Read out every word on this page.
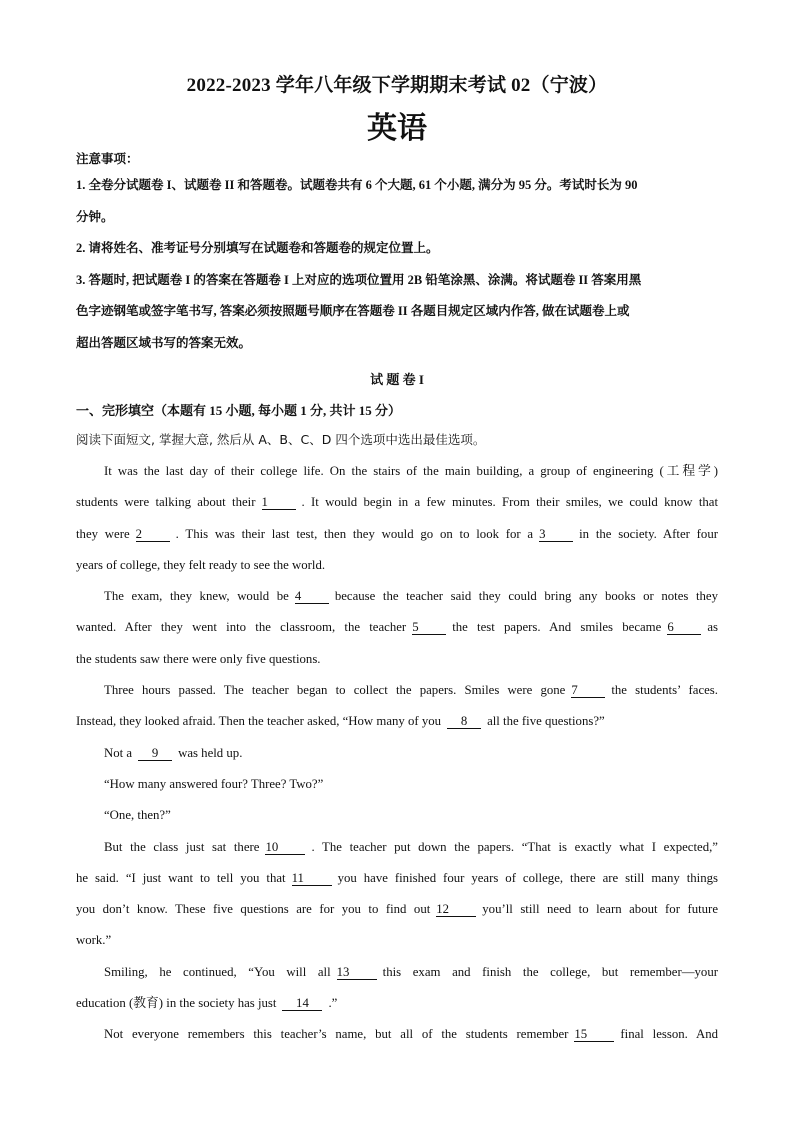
2022-2023 学年八年级下学期期末考试 02（宁波）
英语
注意事项：
1. 全卷分试题卷 I、试题卷 II 和答题卷。试题卷共有 6 个大题, 61 个小题, 满分为 95 分。考试时长为 90
分钟。
2. 请将姓名、准考证号分别填写在试题卷和答题卷的规定位置上。
3. 答题时, 把试题卷 I 的答案在答题卷 I 上对应的选项位置用 2B 铅笔涂黑、涂满。将试题卷 II 答案用黑
色字迹钢笔或签字笔书写, 答案必须按照题号顺序在答题卷 II 各题目规定区域内作答, 做在试题卷上或
超出答题区域书写的答案无效。
试 题 卷 I
一、完形填空（本题有 15 小题, 每小题 1 分, 共计 15 分）
阅读下面短文, 掌握大意, 然后从 A、B、C、D 四个选项中选出最佳选项。
It was the last day of their college life. On the stairs of the main building, a group of engineering (工程学)
students were talking about their 1	. It would begin in a few minutes. From their smiles, we could know that
they were 2	. This was their last test, then they would go on to look for a 3	in the society. After four
years of college, they felt ready to see the world.
The exam, they knew, would be 4	because the teacher said they could bring any books or notes they
wanted. After they went into the classroom, the teacher 5	the test papers. And smiles became 6	as
the students saw there were only five questions.
Three hours passed. The teacher began to collect the papers. Smiles were gone 7	the students’ faces.
Instead, they looked afraid. Then the teacher asked, “How many of you 8 all the five questions?”
Not a 9 was held up.
“How many answered four? Three? Two?”
“One, then?”
But the class just sat there 10	. The teacher put down the papers. “That is exactly what I expected,”
he said. “I just want to tell you that 11	you have finished four years of college, there are still many things
you don’t know. These five questions are for you to find out 12	you’ll still need to learn about for future
work.”
Smiling, he continued, “You will all 13	this exam and finish the college, but remember—your
education (教育) in the society has just 14 .”
Not everyone remembers this teacher’s name, but all of the students remember 15	final lesson. And
